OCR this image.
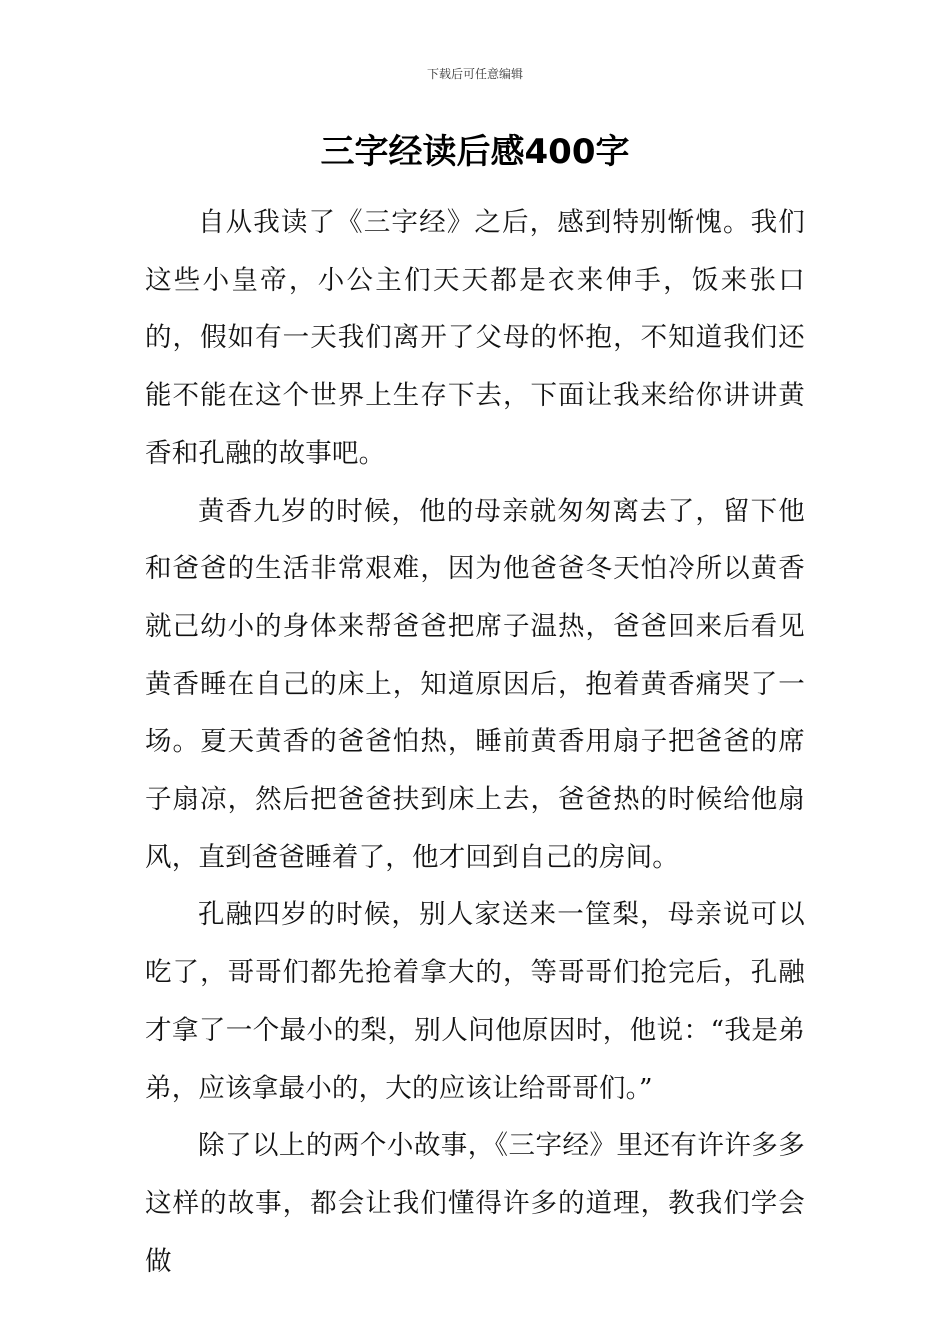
下载后可任意编辑
三字经读后感400字

自从我读了《三字经》之后，感到特别惭愧。我们这些小皇帝，小公主们天天都是衣来伸手，饭来张口的，假如有一天我们离开了父母的怀抱，不知道我们还能不能在这个世界上生存下去，下面让我来给你讲讲黄香和孔融的故事吧。

黄香九岁的时候，他的母亲就匆匆离去了，留下他和爸爸的生活非常艰难，因为他爸爸冬天怕冷所以黄香就己幼小的身体来帮爸爸把席子温热，爸爸回来后看见黄香睡在自己的床上，知道原因后，抱着黄香痛哭了一场。夏天黄香的爸爸怕热，睡前黄香用扇子把爸爸的席子扇凉，然后把爸爸扶到床上去，爸爸热的时候给他扇风，直到爸爸睡着了，他才回到自己的房间。

孔融四岁的时候，别人家送来一筐梨，母亲说可以吃了，哥哥们都先抢着拿大的，等哥哥们抢完后，孔融才拿了一个最小的梨，别人问他原因时，他说：“我是弟弟，应该拿最小的，大的应该让给哥哥们。”

除了以上的两个小故事，《三字经》里还有许许多多这样的故事，都会让我们懂得许多的道理，教我们学会做
